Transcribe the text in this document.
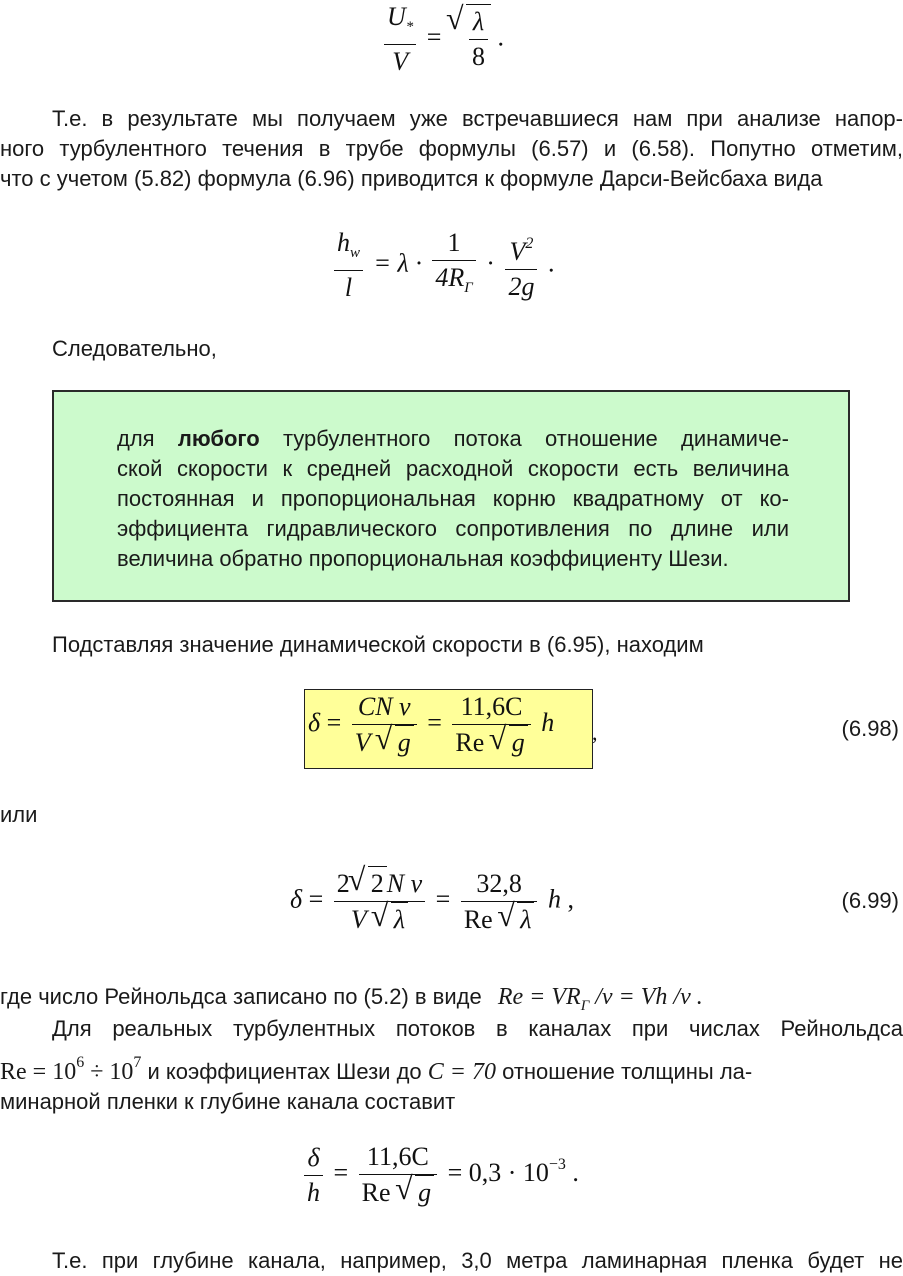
$\frac{U_*}{V}$ = √ $\frac{\lambda}{8}$ .
Т.е. в результате мы получаем уже встречавшиеся нам при анализе напор-
ного турбулентного течения в трубе формулы (6.57) и (6.58). Попутно отметим,
что с учетом (5.82) формула (6.96) приводится к формуле Дарси-Вейсбаха вида
$\frac{h_w}{l} = \lambda \cdot \frac{1}{4R_Г} \cdot \frac{V^2}{2g}$ .
Следовательно,
для любого турбулентного потока отношение динамиче-
ской скорости к средней расходной скорости есть величина
постоянная и пропорциональная корню квадратному от ко-
эффициента гидравлического сопротивления по длине или
величина обратно пропорциональная коэффициенту Шези.
Подставляя значение динамической скорости в (6.95), находим
$\delta = \frac{\text{CN ν}}{V √ g} = \frac{11,6C}{Re √ g}$ h ,	(6.98)
или
$\delta = \frac{\text{2 √ 2 N ν}}{V √ \lambda} = \frac{32,8}{Re √ \lambda}$ h ,	(6.99)
где число Рейнольдса записано по (5.2) в виде $Re = VR_Г$ /ν = Vh /ν .
Для реальных турбулентных потоков в каналах при числах Рейнольдса
$Re = 10^6 \div 10^7$ и коэффициентах Шези до C = 70 отношение толщины ла-
минарной пленки к глубине канала составит
$\frac{\delta}{h} = \frac{11,6C}{Re √ g} = 0,3 \cdot 10^{-3}$ .
Т.е. при глубине канала, например, 3,0 метра ламинарная пленка будет не
